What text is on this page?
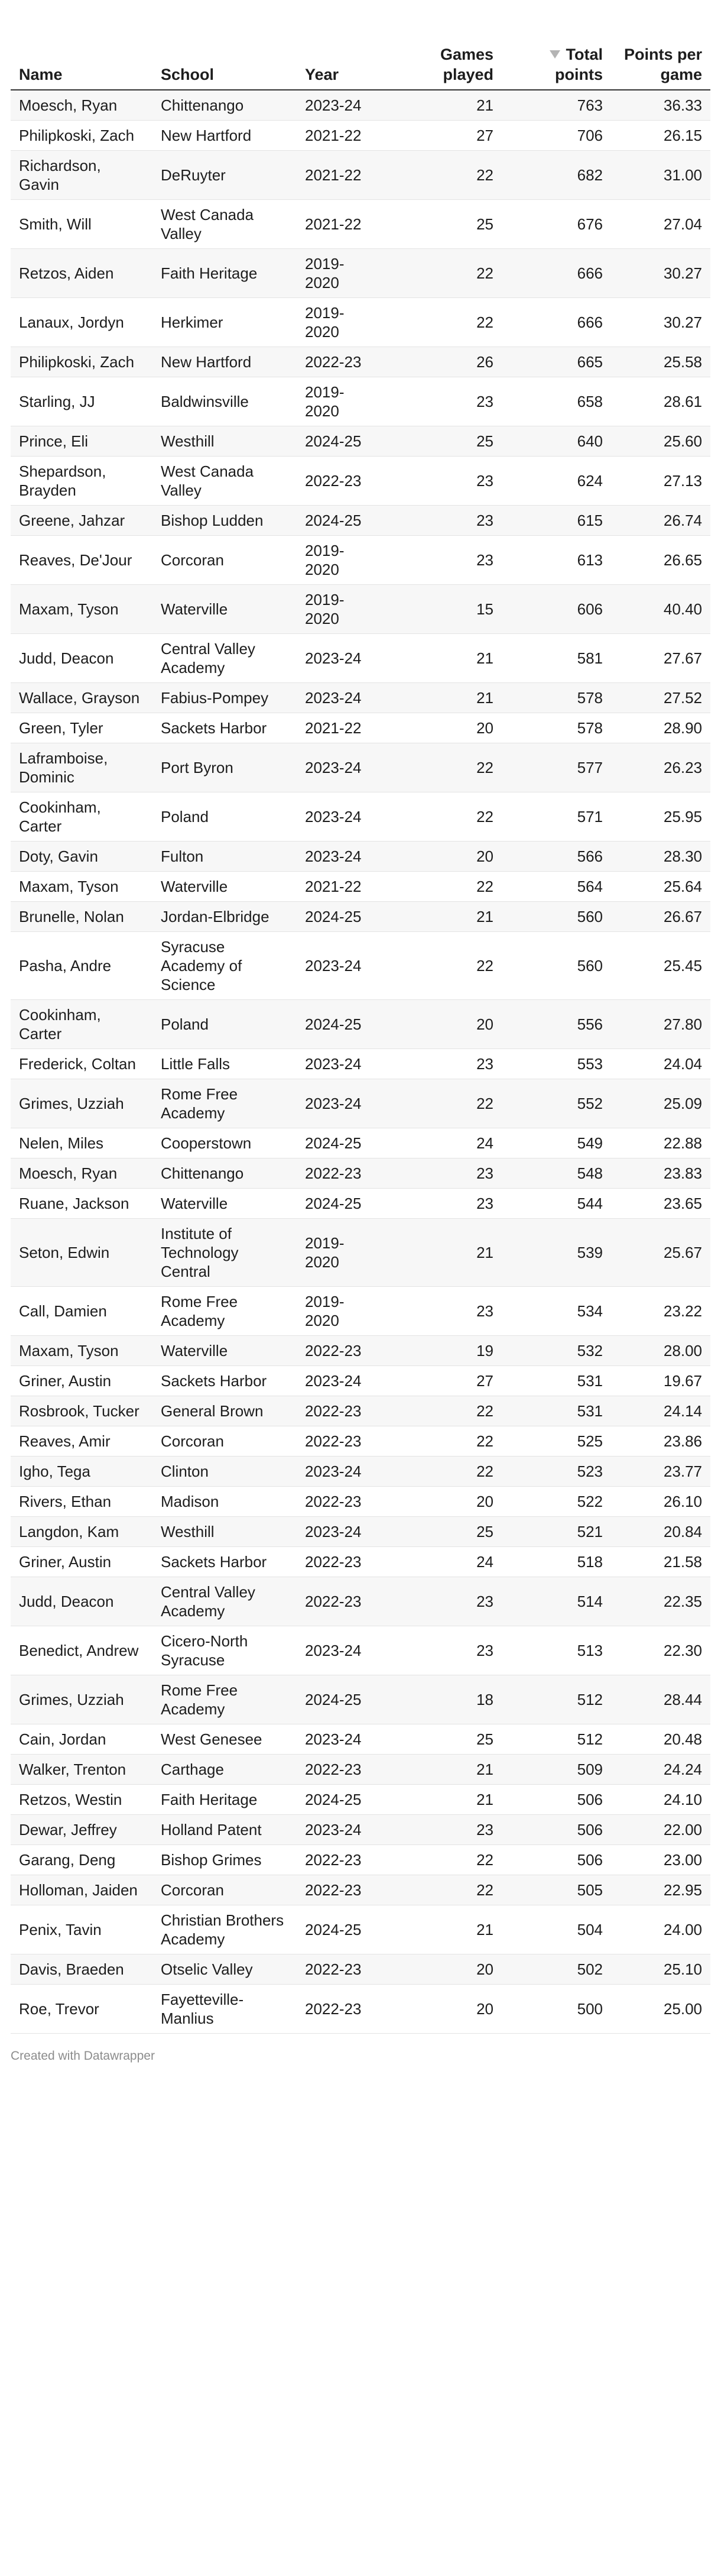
Name	School	Year	Games played	Total points	Points per game
Moesch, Ryan	Chittenango	2023-24	21	763	36.33
Philipkoski, Zach	New Hartford	2021-22	27	706	26.15
Richardson, Gavin	DeRuyter	2021-22	22	682	31.00
Smith, Will	West Canada Valley	2021-22	25	676	27.04
Retzos, Aiden	Faith Heritage	2019-2020	22	666	30.27
Lanaux, Jordyn	Herkimer	2019-2020	22	666	30.27
Philipkoski, Zach	New Hartford	2022-23	26	665	25.58
Starling, JJ	Baldwinsville	2019-2020	23	658	28.61
Prince, Eli	Westhill	2024-25	25	640	25.60
Shepardson, Brayden	West Canada Valley	2022-23	23	624	27.13
Greene, Jahzar	Bishop Ludden	2024-25	23	615	26.74
Reaves, De'Jour	Corcoran	2019-2020	23	613	26.65
Maxam, Tyson	Waterville	2019-2020	15	606	40.40
Judd, Deacon	Central Valley Academy	2023-24	21	581	27.67
Wallace, Grayson	Fabius-Pompey	2023-24	21	578	27.52
Green, Tyler	Sackets Harbor	2021-22	20	578	28.90
Laframboise, Dominic	Port Byron	2023-24	22	577	26.23
Cookinham, Carter	Poland	2023-24	22	571	25.95
Doty, Gavin	Fulton	2023-24	20	566	28.30
Maxam, Tyson	Waterville	2021-22	22	564	25.64
Brunelle, Nolan	Jordan-Elbridge	2024-25	21	560	26.67
Pasha, Andre	Syracuse Academy of Science	2023-24	22	560	25.45
Cookinham, Carter	Poland	2024-25	20	556	27.80
Frederick, Coltan	Little Falls	2023-24	23	553	24.04
Grimes, Uzziah	Rome Free Academy	2023-24	22	552	25.09
Nelen, Miles	Cooperstown	2024-25	24	549	22.88
Moesch, Ryan	Chittenango	2022-23	23	548	23.83
Ruane, Jackson	Waterville	2024-25	23	544	23.65
Seton, Edwin	Institute of Technology Central	2019-2020	21	539	25.67
Call, Damien	Rome Free Academy	2019-2020	23	534	23.22
Maxam, Tyson	Waterville	2022-23	19	532	28.00
Griner, Austin	Sackets Harbor	2023-24	27	531	19.67
Rosbrook, Tucker	General Brown	2022-23	22	531	24.14
Reaves, Amir	Corcoran	2022-23	22	525	23.86
Igho, Tega	Clinton	2023-24	22	523	23.77
Rivers, Ethan	Madison	2022-23	20	522	26.10
Langdon, Kam	Westhill	2023-24	25	521	20.84
Griner, Austin	Sackets Harbor	2022-23	24	518	21.58
Judd, Deacon	Central Valley Academy	2022-23	23	514	22.35
Benedict, Andrew	Cicero-North Syracuse	2023-24	23	513	22.30
Grimes, Uzziah	Rome Free Academy	2024-25	18	512	28.44
Cain, Jordan	West Genesee	2023-24	25	512	20.48
Walker, Trenton	Carthage	2022-23	21	509	24.24
Retzos, Westin	Faith Heritage	2024-25	21	506	24.10
Dewar, Jeffrey	Holland Patent	2023-24	23	506	22.00
Garang, Deng	Bishop Grimes	2022-23	22	506	23.00
Holloman, Jaiden	Corcoran	2022-23	22	505	22.95
Penix, Tavin	Christian Brothers Academy	2024-25	21	504	24.00
Davis, Braeden	Otselic Valley	2022-23	20	502	25.10
Roe, Trevor	Fayetteville-Manlius	2022-23	20	500	25.00
Created with Datawrapper
